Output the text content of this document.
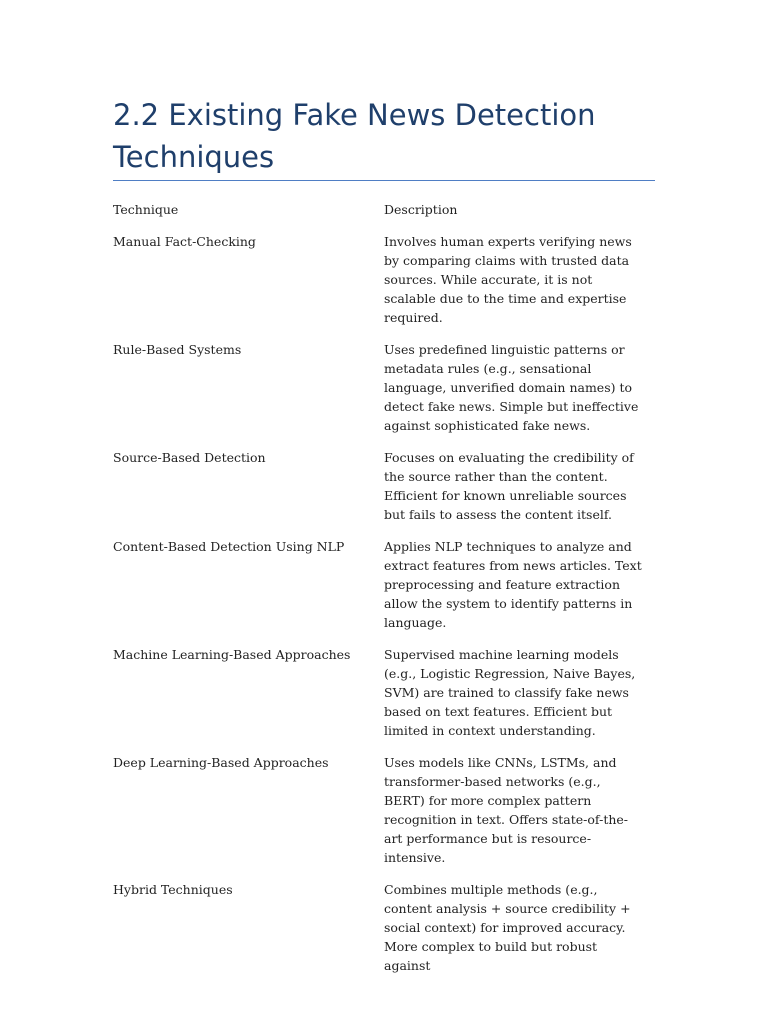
2.2 Existing Fake News Detection Techniques
Technique	Description
Manual Fact-Checking	Involves human experts verifying news by comparing claims with trusted data sources. While accurate, it is not scalable due to the time and expertise required.
Rule-Based Systems	Uses predefined linguistic patterns or metadata rules (e.g., sensational language, unverified domain names) to detect fake news. Simple but ineffective against sophisticated fake news.
Source-Based Detection	Focuses on evaluating the credibility of the source rather than the content. Efficient for known unreliable sources but fails to assess the content itself.
Content-Based Detection Using NLP	Applies NLP techniques to analyze and extract features from news articles. Text preprocessing and feature extraction allow the system to identify patterns in language.
Machine Learning-Based Approaches	Supervised machine learning models (e.g., Logistic Regression, Naive Bayes, SVM) are trained to classify fake news based on text features. Efficient but limited in context understanding.
Deep Learning-Based Approaches	Uses models like CNNs, LSTMs, and transformer-based networks (e.g., BERT) for more complex pattern recognition in text. Offers state-of-the-art performance but is resource-intensive.
Hybrid Techniques	Combines multiple methods (e.g., content analysis + source credibility + social context) for improved accuracy. More complex to build but robust against
